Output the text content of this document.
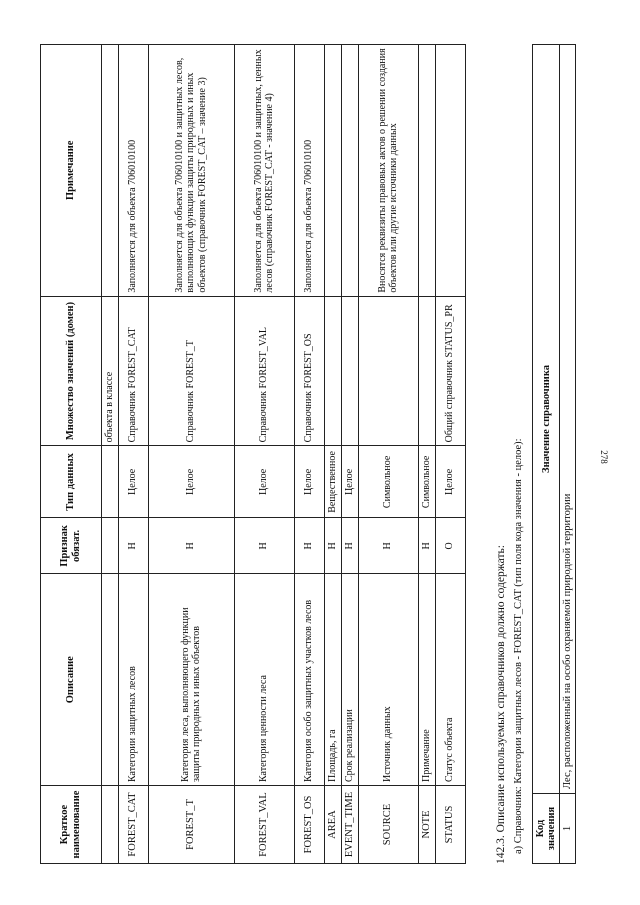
278
Краткое наименование	Описание	Признак обязат.	Тип данных	Множество значений (домен)	Примечание
				объекта в классе	
FOREST_CAT	Категории защитных лесов	Н	Целое	Справочник FOREST_CAT	Заполняется для объекта 706010100
FOREST_T	Категория леса, выполняющего функции защиты природных и иных объектов	Н	Целое	Справочник FOREST_T	Заполняется для объекта 706010100 и защитных лесов, выполняющих функции защиты природных и иных объектов (справочник FOREST_CAT – значение 3)
FOREST_VAL	Категория ценности леса	Н	Целое	Справочник FOREST_VAL	Заполняется для объекта 706010100 и защитных, ценных лесов (справочник FOREST_CAT - значение 4)
FOREST_OS	Категория особо защитных участков лесов	Н	Целое	Справочник FOREST_OS	Заполняется для объекта 706010100
AREA	Площадь, га	Н	Вещественное		
EVENT_TIME	Срок реализации	Н	Целое		
SOURCE	Источник данных	Н	Символьное		Вносятся реквизиты правовых актов о решении создания объектов или другие источники данных
NOTE	Примечание	Н	Символьное		
STATUS	Статус объекта	О	Целое	Общий справочник STATUS_PR	
142.3. Описание используемых справочников должно содержать: а) Справочник: Категории защитных лесов - FOREST_CAT (тип поля кода значения - целое): Код значения	Значение справочника
1	Лес, расположенный на особо охраняемой природной территории
